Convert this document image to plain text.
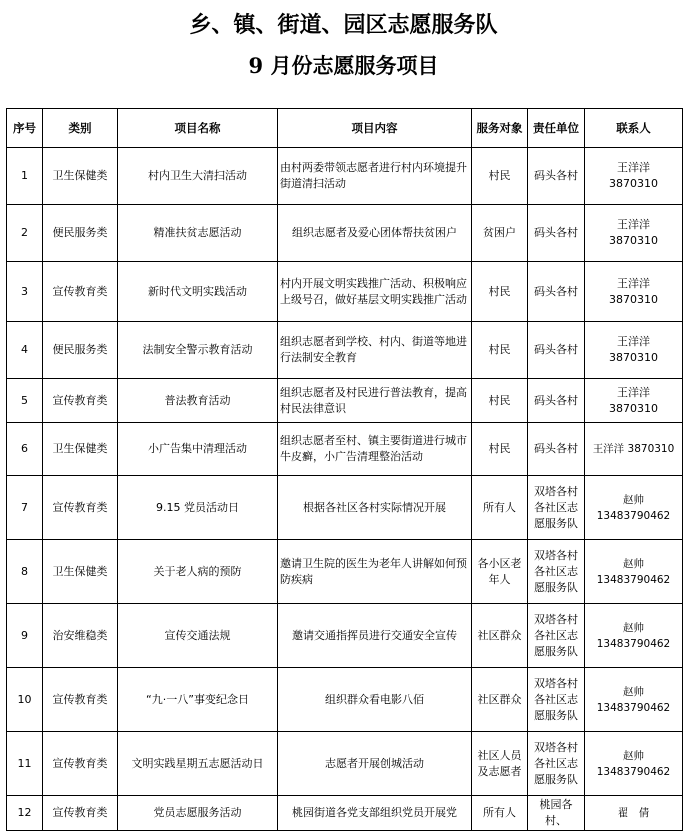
乡、镇、街道、园区志愿服务队
9 月份志愿服务项目
序号	类别	项目名称	项目内容	服务对象	责任单位	联系人
1	卫生保健类	村内卫生大清扫活动	由村两委带领志愿者进行村内环境提升街道清扫活动	村民	码头各村	王洋洋
3870310
2	便民服务类	精准扶贫志愿活动	组织志愿者及爱心团体帮扶贫困户	贫困户	码头各村	王洋洋
3870310
3	宣传教育类	新时代文明实践活动	村内开展文明实践推广活动、积极响应上级号召，做好基层文明实践推广活动	村民	码头各村	王洋洋
3870310
4	便民服务类	法制安全警示教育活动	组织志愿者到学校、村内、街道等地进行法制安全教育	村民	码头各村	王洋洋
3870310
5	宣传教育类	普法教育活动	组织志愿者及村民进行普法教育，提高村民法律意识	村民	码头各村	王洋洋
3870310
6	卫生保健类	小广告集中清理活动	组织志愿者至村、镇主要街道进行城市牛皮癣，小广告清理整治活动	村民	码头各村	王洋洋 3870310
7	宣传教育类	9.15 党员活动日	根据各社区各村实际情况开展	所有人	双塔各村各社区志愿服务队	赵帅 13483790462
8	卫生保健类	关于老人病的预防	邀请卫生院的医生为老年人讲解如何预防疾病	各小区老年人	双塔各村各社区志愿服务队	赵帅 13483790462
9	治安维稳类	宣传交通法规	邀请交通指挥员进行交通安全宣传	社区群众	双塔各村各社区志愿服务队	赵帅 13483790462
10	宣传教育类	“九·一八”事变纪念日	组织群众看电影八佰	社区群众	双塔各村各社区志愿服务队	赵帅 13483790462
11	宣传教育类	文明实践星期五志愿活动日	志愿者开展创城活动	社区人员及志愿者	双塔各村各社区志愿服务队	赵帅 13483790462
12	宣传教育类	党员志愿服务活动	桃园街道各党支部组织党员开展党	所有人	桃园各村、	翟　倩
